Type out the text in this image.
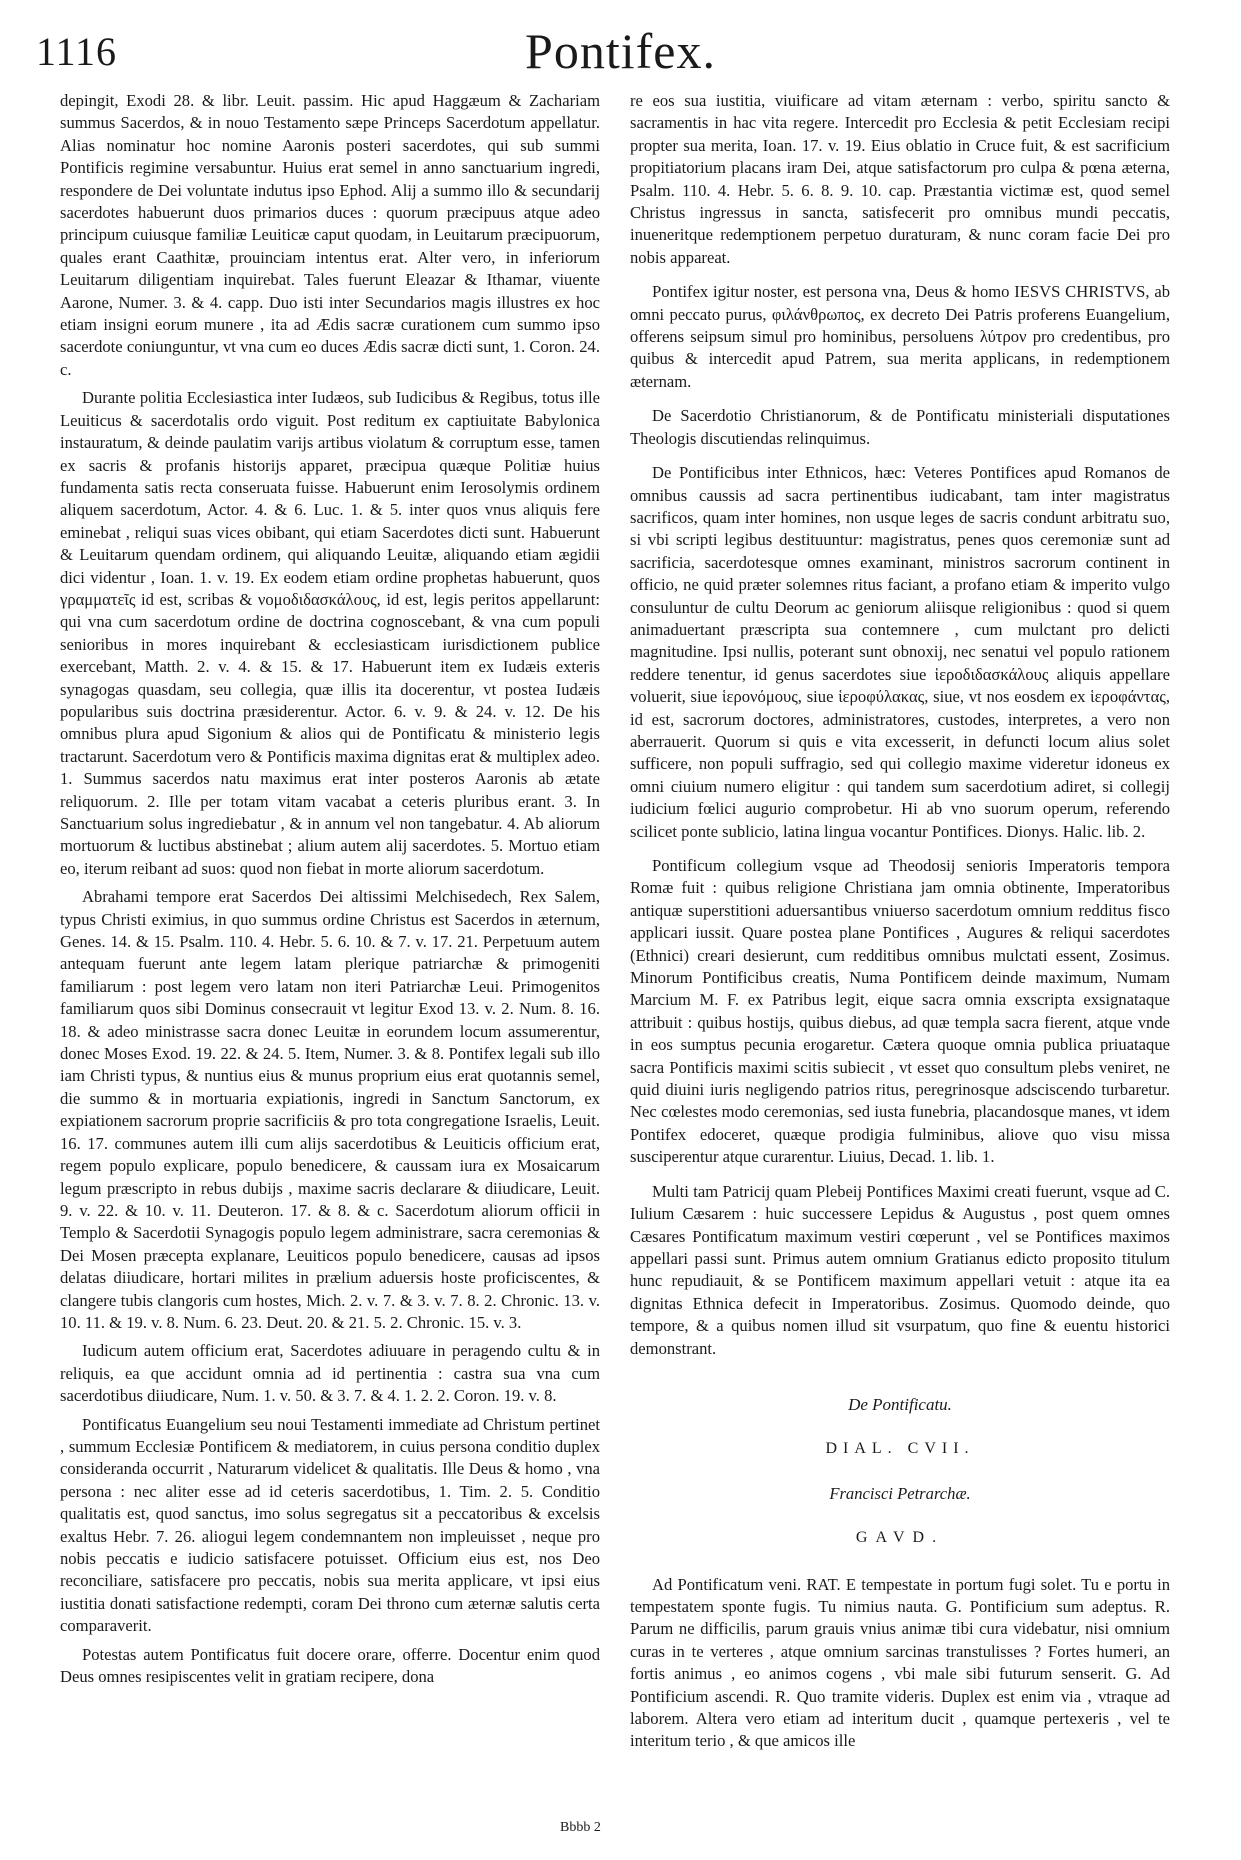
1116	Pontifex.

depingit, Exodi 28. & libr. Leuit. passim. Hic apud Haggæum & Zachariam summus Sacerdos, & in nouo Testamento sæpe Princeps Sacerdotum appellatur. Alias nominatur hoc nomine Aaronis posteri sacerdotes, qui sub summi Pontificis regimine versabuntur. Huius erat semel in anno sanctuarium ingredi, respondere de Dei voluntate indutus ipso Ephod. Alij a summo illo & secundarij sacerdotes habuerunt duos primarios duces : quorum præcipuus atque adeo principum cuiusque familiæ Leuiticæ caput quodam, in Leuitarum præcipuorum, quales erant Caathitæ, prouinciam intentus erat. Alter vero, in inferiorum Leuitarum diligentiam inquirebat. Tales fuerunt Eleazar & Ithamar, viuente Aarone, Numer. 3. & 4. capp. Duo isti inter Secundarios magis illustres ex hoc etiam insigni eorum munere , ita ad Ædis sacræ curationem cum summo ipso sacerdote coniunguntur, vt vna cum eo duces Ædis sacræ dicti sunt, 1. Coron. 24. c.

Durante politia Ecclesiastica inter Iudæos, sub Iudicibus & Regibus, totus ille Leuiticus & sacerdotalis ordo viguit. Post reditum ex captiuitate Babylonica instauratum, & deinde paulatim varijs artibus violatum & corruptum esse, tamen ex sacris & profanis historijs apparet, præcipua quæque Politiæ huius fundamenta satis recta conseruata fuisse. Habuerunt enim Ierosolymis ordinem aliquem sacerdotum, Actor. 4. & 6. Luc. 1. & 5. inter quos vnus aliquis fere eminebat , reliqui suas vices obibant, qui etiam Sacerdotes dicti sunt. Habuerunt & Leuitarum quendam ordinem, qui aliquando Leuitæ, aliquando etiam ægidii dici videntur , Ioan. 1. v. 19. Ex eodem etiam ordine prophetas habuerunt, quos γραμματεῖς id est, scribas & νομοδιδασκάλους, id est, legis peritos appellarunt: qui vna cum sacerdotum ordine de doctrina cognoscebant, & vna cum populi senioribus in mores inquirebant & ecclesiasticam iurisdictionem publice exercebant, Matth. 2. v. 4. & 15. & 17. Habuerunt item ex Iudæis exteris synagogas quasdam, seu collegia, quæ illis ita docerentur, vt postea Iudæis popularibus suis doctrina præsiderentur. Actor. 6. v. 9. & 24. v. 12. De his omnibus plura apud Sigonium & alios qui de Pontificatu & ministerio legis tractarunt. Sacerdotum vero & Pontificis maxima dignitas erat & multiplex adeo. 1. Summus sacerdos natu maximus erat inter posteros Aaronis ab ætate reliquorum. 2. Ille per totam vitam vacabat a ceteris pluribus erant. 3. In Sanctuarium solus ingrediebatur , & in annum vel non tangebatur. 4. Ab aliorum mortuorum & luctibus abstinebat ; alium autem alij sacerdotes. 5. Mortuo etiam eo, iterum reibant ad suos: quod non fiebat in morte aliorum sacerdotum.

Abrahami tempore erat Sacerdos Dei altissimi Melchisedech, Rex Salem, typus Christi eximius, in quo summus ordine Christus est Sacerdos in æternum, Genes. 14. & 15. Psalm. 110. 4. Hebr. 5. 6. 10. & 7. v. 17. 21. Perpetuum autem antequam fuerunt ante legem latam plerique patriarchæ & primogeniti familiarum : post legem vero latam non iteri Patriarchæ Leui. Primogenitos familiarum quos sibi Dominus consecrauit vt legitur Exod 13. v. 2. Num. 8. 16. 18. & adeo ministrasse sacra donec Leuitæ in eorundem locum assumerentur, donec Moses Exod. 19. 22. & 24. 5. Item, Numer. 3. & 8. Pontifex legali sub illo iam Christi typus, & nuntius eius & munus proprium eius erat quotannis semel, die summo & in mortuaria expiationis, ingredi in Sanctum Sanctorum, ex expiationem sacrorum proprie sacrificiis & pro tota congregatione Israelis, Leuit. 16. 17. communes autem illi cum alijs sacerdotibus & Leuiticis officium erat, regem populo explicare, populo benedicere, & caussam iura ex Mosaicarum legum præscripto in rebus dubijs , maxime sacris declarare & diiudicare, Leuit. 9. v. 22. & 10. v. 11. Deuteron. 17. & 8. & c. Sacerdotum aliorum officii in Templo & Sacerdotii Synagogis populo legem administrare, sacra ceremonias & Dei Mosen præcepta explanare, Leuiticos populo benedicere, causas ad ipsos delatas diiudicare, hortari milites in prælium aduersis hoste proficiscentes, & clangere tubis clangoris cum hostes, Mich. 2. v. 7. & 3. v. 7. 8. 2. Chronic. 13. v. 10. 11. & 19. v. 8. Num. 6. 23. Deut. 20. & 21. 5. 2. Chronic. 15. v. 3.

Iudicum autem officium erat, Sacerdotes adiuuare in peragendo cultu & in reliquis, ea que accidunt omnia ad id pertinentia : castra sua vna cum sacerdotibus diiudicare, Num. 1. v. 50. & 3. 7. & 4. 1. 2. 2. Coron. 19. v. 8.

Pontificatus Euangelium seu noui Testamenti immediate ad Christum pertinet , summum Ecclesiæ Pontificem & mediatorem, in cuius persona conditio duplex consideranda occurrit , Naturarum videlicet & qualitatis. Ille Deus & homo , vna persona : nec aliter esse ad id ceteris sacerdotibus, 1. Tim. 2. 5. Conditio qualitatis est, quod sanctus, imo solus segregatus sit a peccatoribus & excelsis exaltus Hebr. 7. 26. aliogui legem condemnantem non impleuisset , neque pro nobis peccatis e iudicio satisfacere potuisset. Officium eius est, nos Deo reconciliare, satisfacere pro peccatis, nobis sua merita applicare, vt ipsi eius iustitia donati satisfactione redempti, coram Dei throno cum æternæ salutis certa comparaverit.

Potestas autem Pontificatus fuit docere orare, offerre. Docentur enim quod Deus omnes resipiscentes velit in gratiam recipere, dona

re eos sua iustitia, viuificare ad vitam æternam : verbo, spiritu sancto & sacramentis in hac vita regere. Intercedit pro Ecclesia & petit Ecclesiam recipi propter sua merita, Ioan. 17. v. 19. Eius oblatio in Cruce fuit, & est sacrificium propitiatorium placans iram Dei, atque satisfactorum pro culpa & pœna æterna, Psalm. 110. 4. Hebr. 5. 6. 8. 9. 10. cap. Præstantia victimæ est, quod semel Christus ingressus in sancta, satisfecerit pro omnibus mundi peccatis, inueneritque redemptionem perpetuo duraturam, & nunc coram facie Dei pro nobis appareat.

Pontifex igitur noster, est persona vna, Deus & homo IESVS CHRISTVS, ab omni peccato purus, φιλάνθρωπος, ex decreto Dei Patris proferens Euangelium, offerens seipsum simul pro hominibus, persoluens λύτρον pro credentibus, pro quibus & intercedit apud Patrem, sua merita applicans, in redemptionem æternam.

De Sacerdotio Christianorum, & de Pontificatu ministeriali disputationes Theologis discutiendas relinquimus.

De Pontificibus inter Ethnicos, hæc: Veteres Pontifices apud Romanos de omnibus caussis ad sacra pertinentibus iudicabant, tam inter magistratus sacrificos, quam inter homines, non usque leges de sacris condunt arbitratu suo, si vbi scripti legibus destituuntur: magistratus, penes quos ceremoniæ sunt ad sacrificia, sacerdotesque omnes examinant, ministros sacrorum continent in officio, ne quid præter solemnes ritus faciant, a profano etiam & imperito vulgo consuluntur de cultu Deorum ac geniorum aliisque religionibus : quod si quem animaduertant præscripta sua contemnere , cum mulctant pro delicti magnitudine. Ipsi nullis, poterant sunt obnoxij, nec senatui vel populo rationem reddere tenentur, id genus sacerdotes siue ἱεροδιδασκάλους aliquis appellare voluerit, siue ἱερονόμους, siue ἱεροφύλακας, siue, vt nos eosdem ex ἱεροφάντας, id est, sacrorum doctores, administratores, custodes, interpretes, a vero non aberrauerit. Quorum si quis e vita excesserit, in defuncti locum alius solet sufficere, non populi suffragio, sed qui collegio maxime videretur idoneus ex omni ciuium numero eligitur : qui tandem sum sacerdotium adiret, si collegij iudicium fœlici augurio comprobetur. Hi ab vno suorum operum, referendo scilicet ponte sublicio, latina lingua vocantur Pontifices. Dionys. Halic. lib. 2.

Pontificum collegium vsque ad Theodosij senioris Imperatoris tempora Romæ fuit : quibus religione Christiana jam omnia obtinente, Imperatoribus antiquæ superstitioni aduersantibus vniuerso sacerdotum omnium redditus fisco applicari iussit. Quare postea plane Pontifices , Augures & reliqui sacerdotes (Ethnici) creari desierunt, cum redditibus omnibus mulctati essent, Zosimus. Minorum Pontificibus creatis, Numa Pontificem deinde maximum, Numam Marcium M. F. ex Patribus legit, eique sacra omnia exscripta exsignataque attribuit : quibus hostijs, quibus diebus, ad quæ templa sacra fierent, atque vnde in eos sumptus pecunia erogaretur. Cætera quoque omnia publica priuataque sacra Pontificis maximi scitis subiecit , vt esset quo consultum plebs veniret, ne quid diuini iuris negligendo patrios ritus, peregrinosque adsciscendo turbaretur. Nec cœlestes modo ceremonias, sed iusta funebria, placandosque manes, vt idem Pontifex edoceret, quæque prodigia fulminibus, aliove quo visu missa susciperentur atque curarentur. Liuius, Decad. 1. lib. 1.

Multi tam Patricij quam Plebeij Pontifices Maximi creati fuerunt, vsque ad C. Iulium Cæsarem : huic successere Lepidus & Augustus , post quem omnes Cæsares Pontificatum maximum vestiri cœperunt , vel se Pontifices maximos appellari passi sunt. Primus autem omnium Gratianus edicto proposito titulum hunc repudiauit, & se Pontificem maximum appellari vetuit : atque ita ea dignitas Ethnica defecit in Imperatoribus. Zosimus. Quomodo deinde, quo tempore, & a quibus nomen illud sit vsurpatum, quo fine & euentu historici demonstrant.

De Pontificatu.

DIAL. CVII.

Francisci Petrarchæ.

GAVD.

Ad Pontificatum veni. RAT. E tempestate in portum fugi solet. Tu e portu in tempestatem sponte fugis. Tu nimius nauta. G. Pontificium sum adeptus. R. Parum ne difficilis, parum grauis vnius animæ tibi cura videbatur, nisi omnium curas in te verteres , atque omnium sarcinas transtulisses ? Fortes humeri, an fortis animus , eo animos cogens , vbi male sibi futurum senserit. G. Ad Pontificium ascendi. R. Quo tramite videris. Duplex est enim via , vtraque ad laborem. Altera vero etiam ad interitum ducit , quamque pertexeris , vel te interitum terio , & que amicos ille

Bbbb 2
